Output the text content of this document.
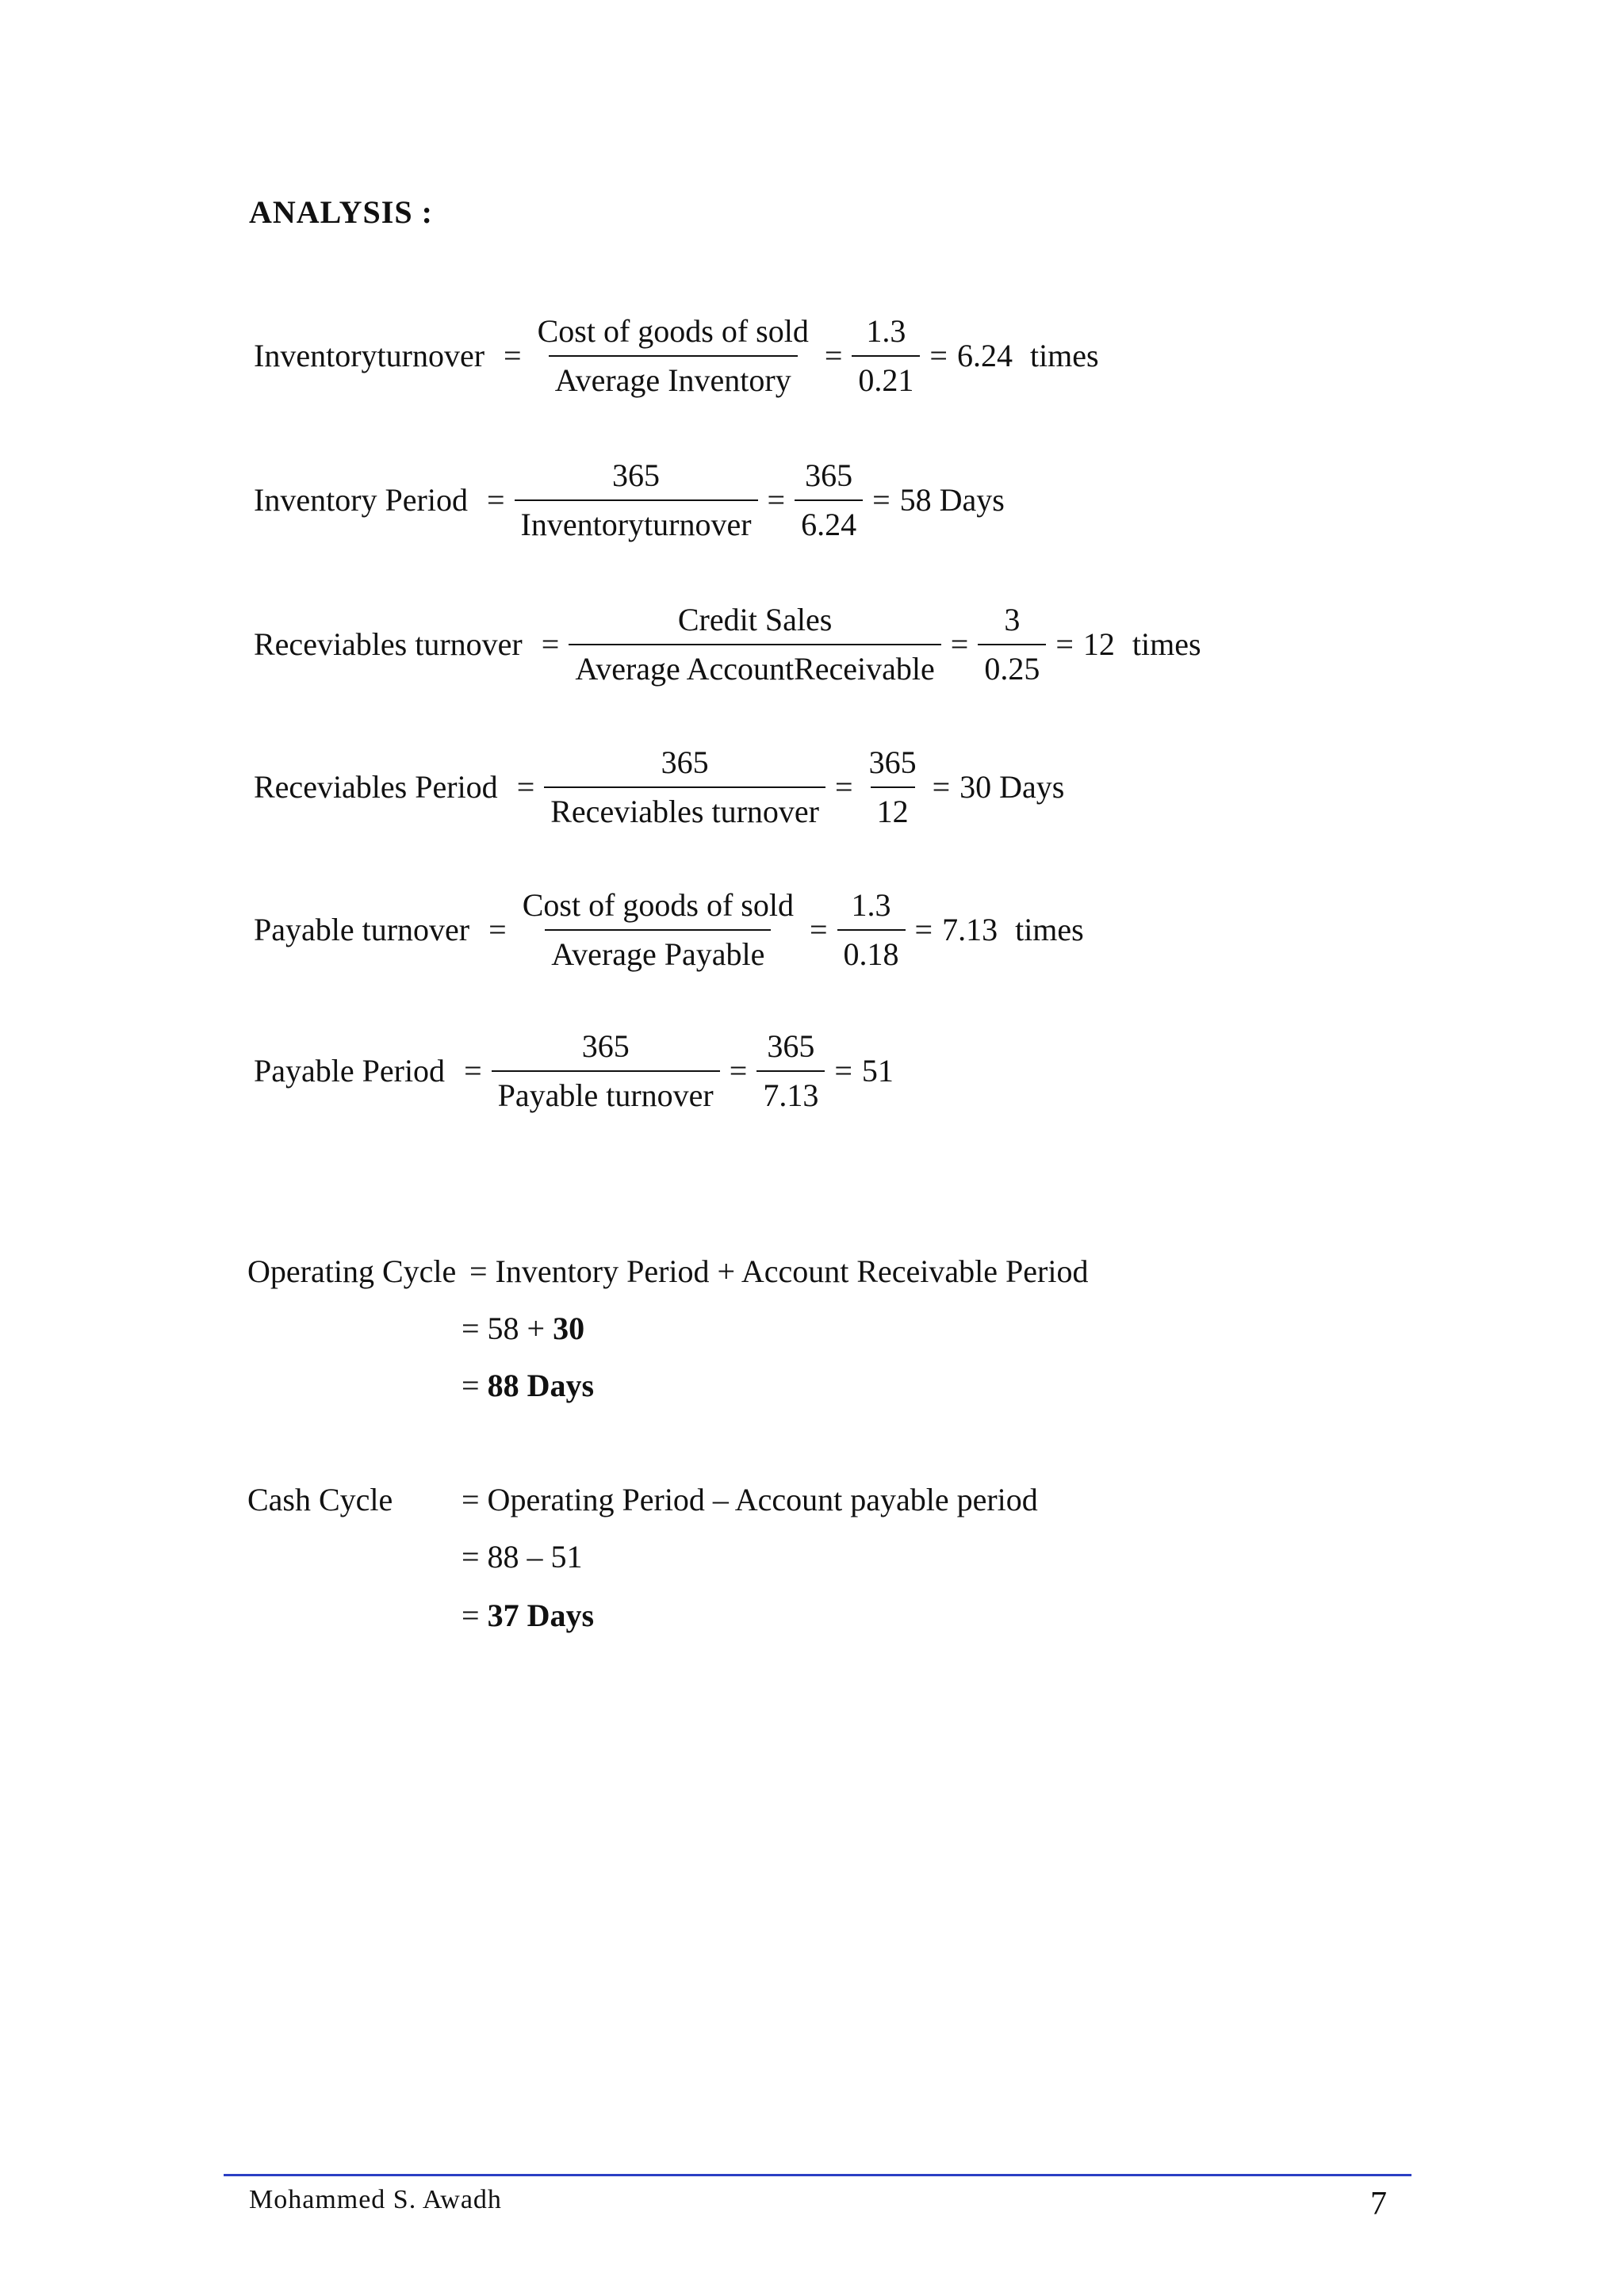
ANALYSIS :
Inventoryturnover = $\frac{\text{Cost of goods of sold}}{\text{Average Inventory}} = \frac{1.3}{0.21} = 6.24$ times
Inventory Period = $\frac{365}{\text{Inventoryturnover}} = \frac{365}{6.24} = 58$ Days
Receviables turnover = $\frac{\text{Credit Sales}}{\text{Average AccountReceivable}} = \frac{3}{0.25} = 12$ times
Receviables Period = $\frac{365}{\text{Receviables turnover}} = \frac{365}{12} = 30$ Days
Payable turnover = $\frac{\text{Cost of goods of sold}}{\text{Average Payable}} = \frac{1.3}{0.18} = 7.13$ times
Payable Period = $\frac{365}{\text{Payable turnover}} = \frac{365}{7.13} = 51$
Operating Cycle = Inventory Period + Account Receivable Period
= 58 + 30
= 88 Days
Cash Cycle = Operating Period – Account payable period
= 88 – 51
= 37 Days
Mohammed S. Awadh	7
